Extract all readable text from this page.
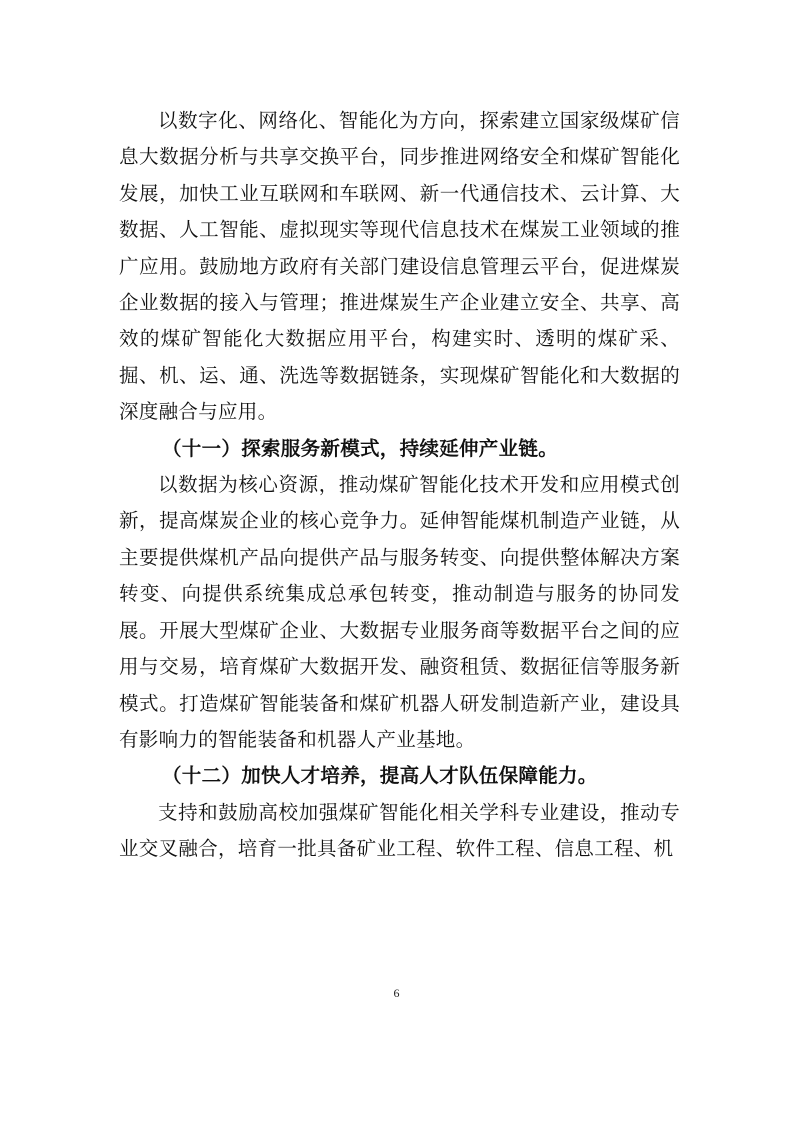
以数字化、网络化、智能化为方向，探索建立国家级煤矿信息大数据分析与共享交换平台，同步推进网络安全和煤矿智能化发展，加快工业互联网和车联网、新一代通信技术、云计算、大数据、人工智能、虚拟现实等现代信息技术在煤炭工业领域的推广应用。鼓励地方政府有关部门建设信息管理云平台，促进煤炭企业数据的接入与管理；推进煤炭生产企业建立安全、共享、高效的煤矿智能化大数据应用平台，构建实时、透明的煤矿采、掘、机、运、通、洗选等数据链条，实现煤矿智能化和大数据的深度融合与应用。

（十一）探索服务新模式，持续延伸产业链。

以数据为核心资源，推动煤矿智能化技术开发和应用模式创新，提高煤炭企业的核心竞争力。延伸智能煤机制造产业链，从主要提供煤机产品向提供产品与服务转变、向提供整体解决方案转变、向提供系统集成总承包转变，推动制造与服务的协同发展。开展大型煤矿企业、大数据专业服务商等数据平台之间的应用与交易，培育煤矿大数据开发、融资租赁、数据征信等服务新模式。打造煤矿智能装备和煤矿机器人研发制造新产业，建设具有影响力的智能装备和机器人产业基地。

（十二）加快人才培养，提高人才队伍保障能力。

支持和鼓励高校加强煤矿智能化相关学科专业建设，推动专业交叉融合，培育一批具备矿业工程、软件工程、信息工程、机

6
